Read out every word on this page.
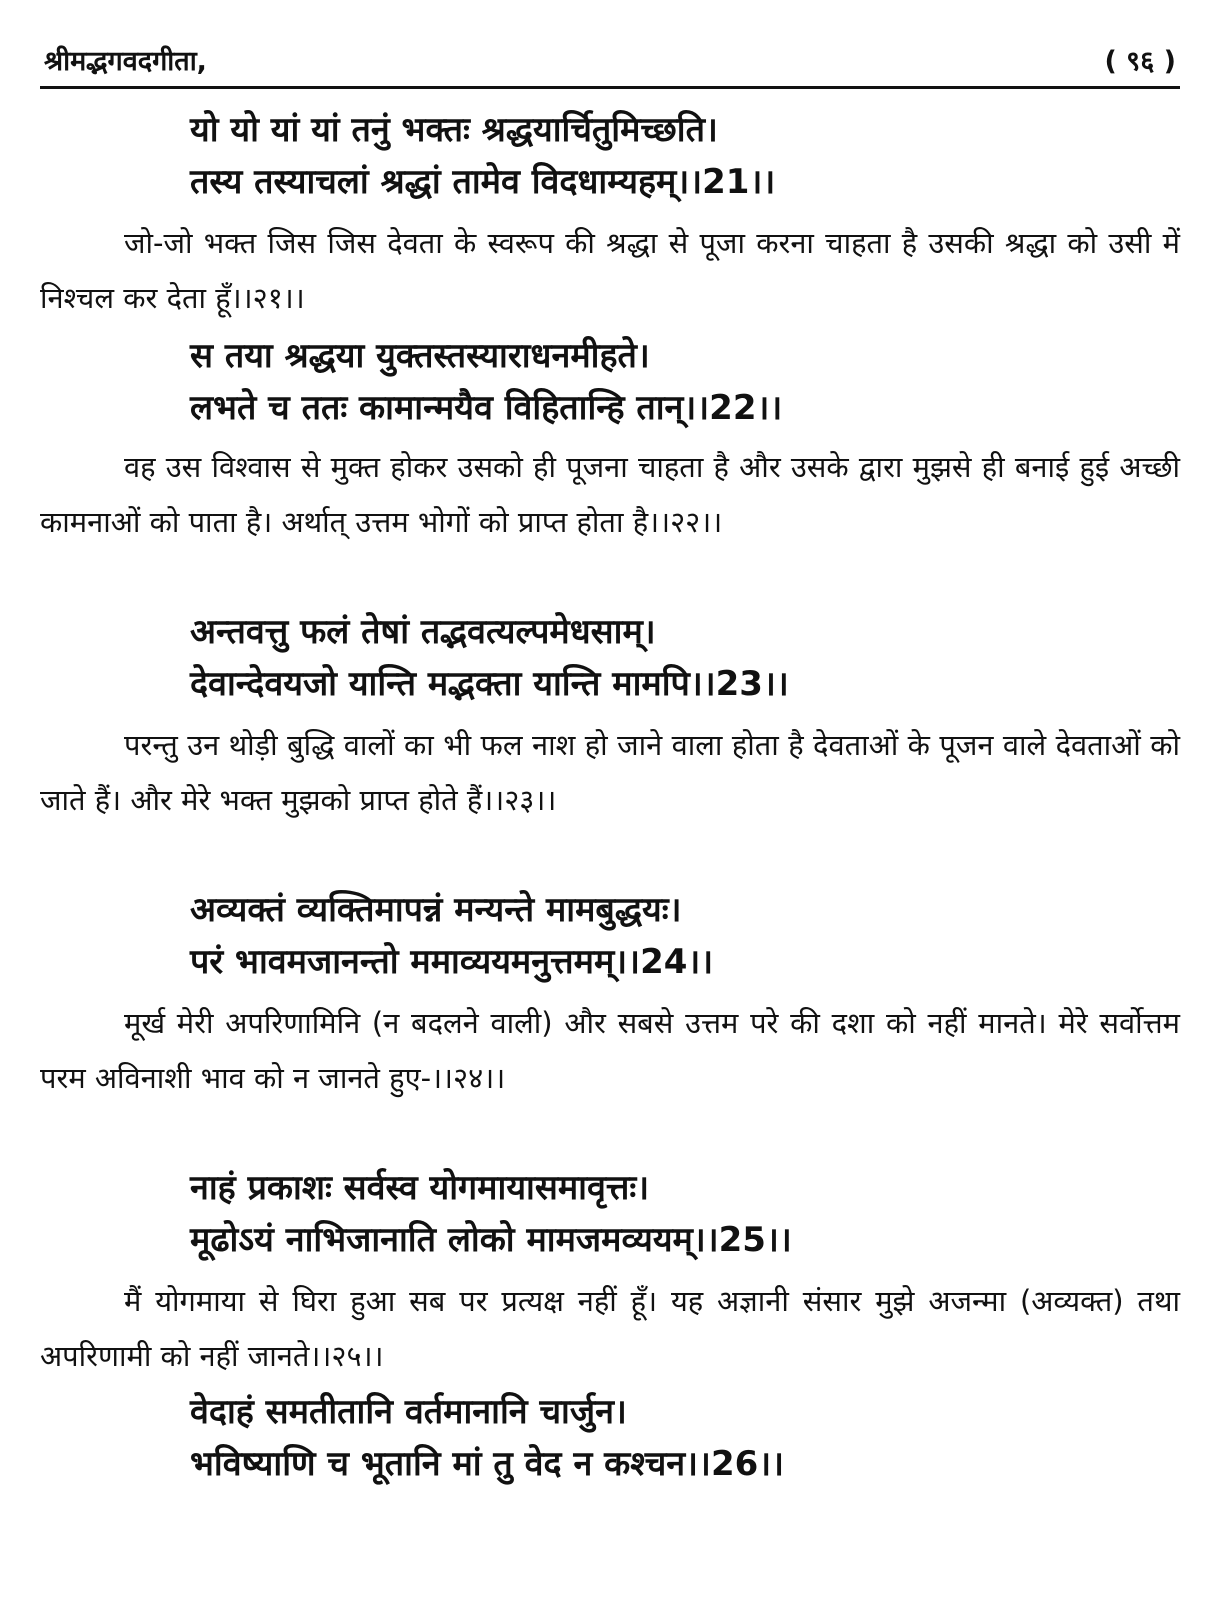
श्रीमद्भगवदगीता,	( ९६ )
यो यो यां यां तनुं भक्तः श्रद्धयार्चितुमिच्छति।
तस्य तस्याचलां श्रद्धां तामेव विदधाम्यहम्।।21।।
जो-जो भक्त जिस जिस देवता के स्वरूप की श्रद्धा से पूजा करना चाहता है उसकी श्रद्धा को उसी में निश्चल कर देता हूँ।।२१।।
स तया श्रद्धया युक्तस्तस्याराधनमीहते।
लभते च ततः कामान्मयैव विहितान्हि तान्।।22।।
वह उस विश्वास से मुक्त होकर उसको ही पूजना चाहता है और उसके द्वारा मुझसे ही बनाई हुई अच्छी कामनाओं को पाता है। अर्थात् उत्तम भोगों को प्राप्त होता है।।२२।।
अन्तवत्तु फलं तेषां तद्भवत्यल्पमेधसाम्।
देवान्देवयजो यान्ति मद्भक्ता यान्ति मामपि।।23।।
परन्तु उन थोड़ी बुद्धि वालों का भी फल नाश हो जाने वाला होता है देवताओं के पूजन वाले देवताओं को जाते हैं। और मेरे भक्त मुझको प्राप्त होते हैं।।२३।।
अव्यक्तं व्यक्तिमापन्नं मन्यन्ते मामबुद्धयः।
परं भावमजानन्तो ममाव्ययमनुत्तमम्।।24।।
मूर्ख मेरी अपरिणामिनि (न बदलने वाली) और सबसे उत्तम परे की दशा को नहीं मानते। मेरे सर्वोत्तम परम अविनाशी भाव को न जानते हुए-।।२४।।
नाहं प्रकाशः सर्वस्व योगमायासमावृत्तः।
मूढोऽयं नाभिजानाति लोको मामजमव्ययम्।।25।।
मैं योगमाया से घिरा हुआ सब पर प्रत्यक्ष नहीं हूँ। यह अज्ञानी संसार मुझे अजन्मा (अव्यक्त) तथा अपरिणामी को नहीं जानते।।२५।।
वेदाहं समतीतानि वर्तमानानि चार्जुन।
भविष्याणि च भूतानि मां तु वेद न कश्चन।।26।।
